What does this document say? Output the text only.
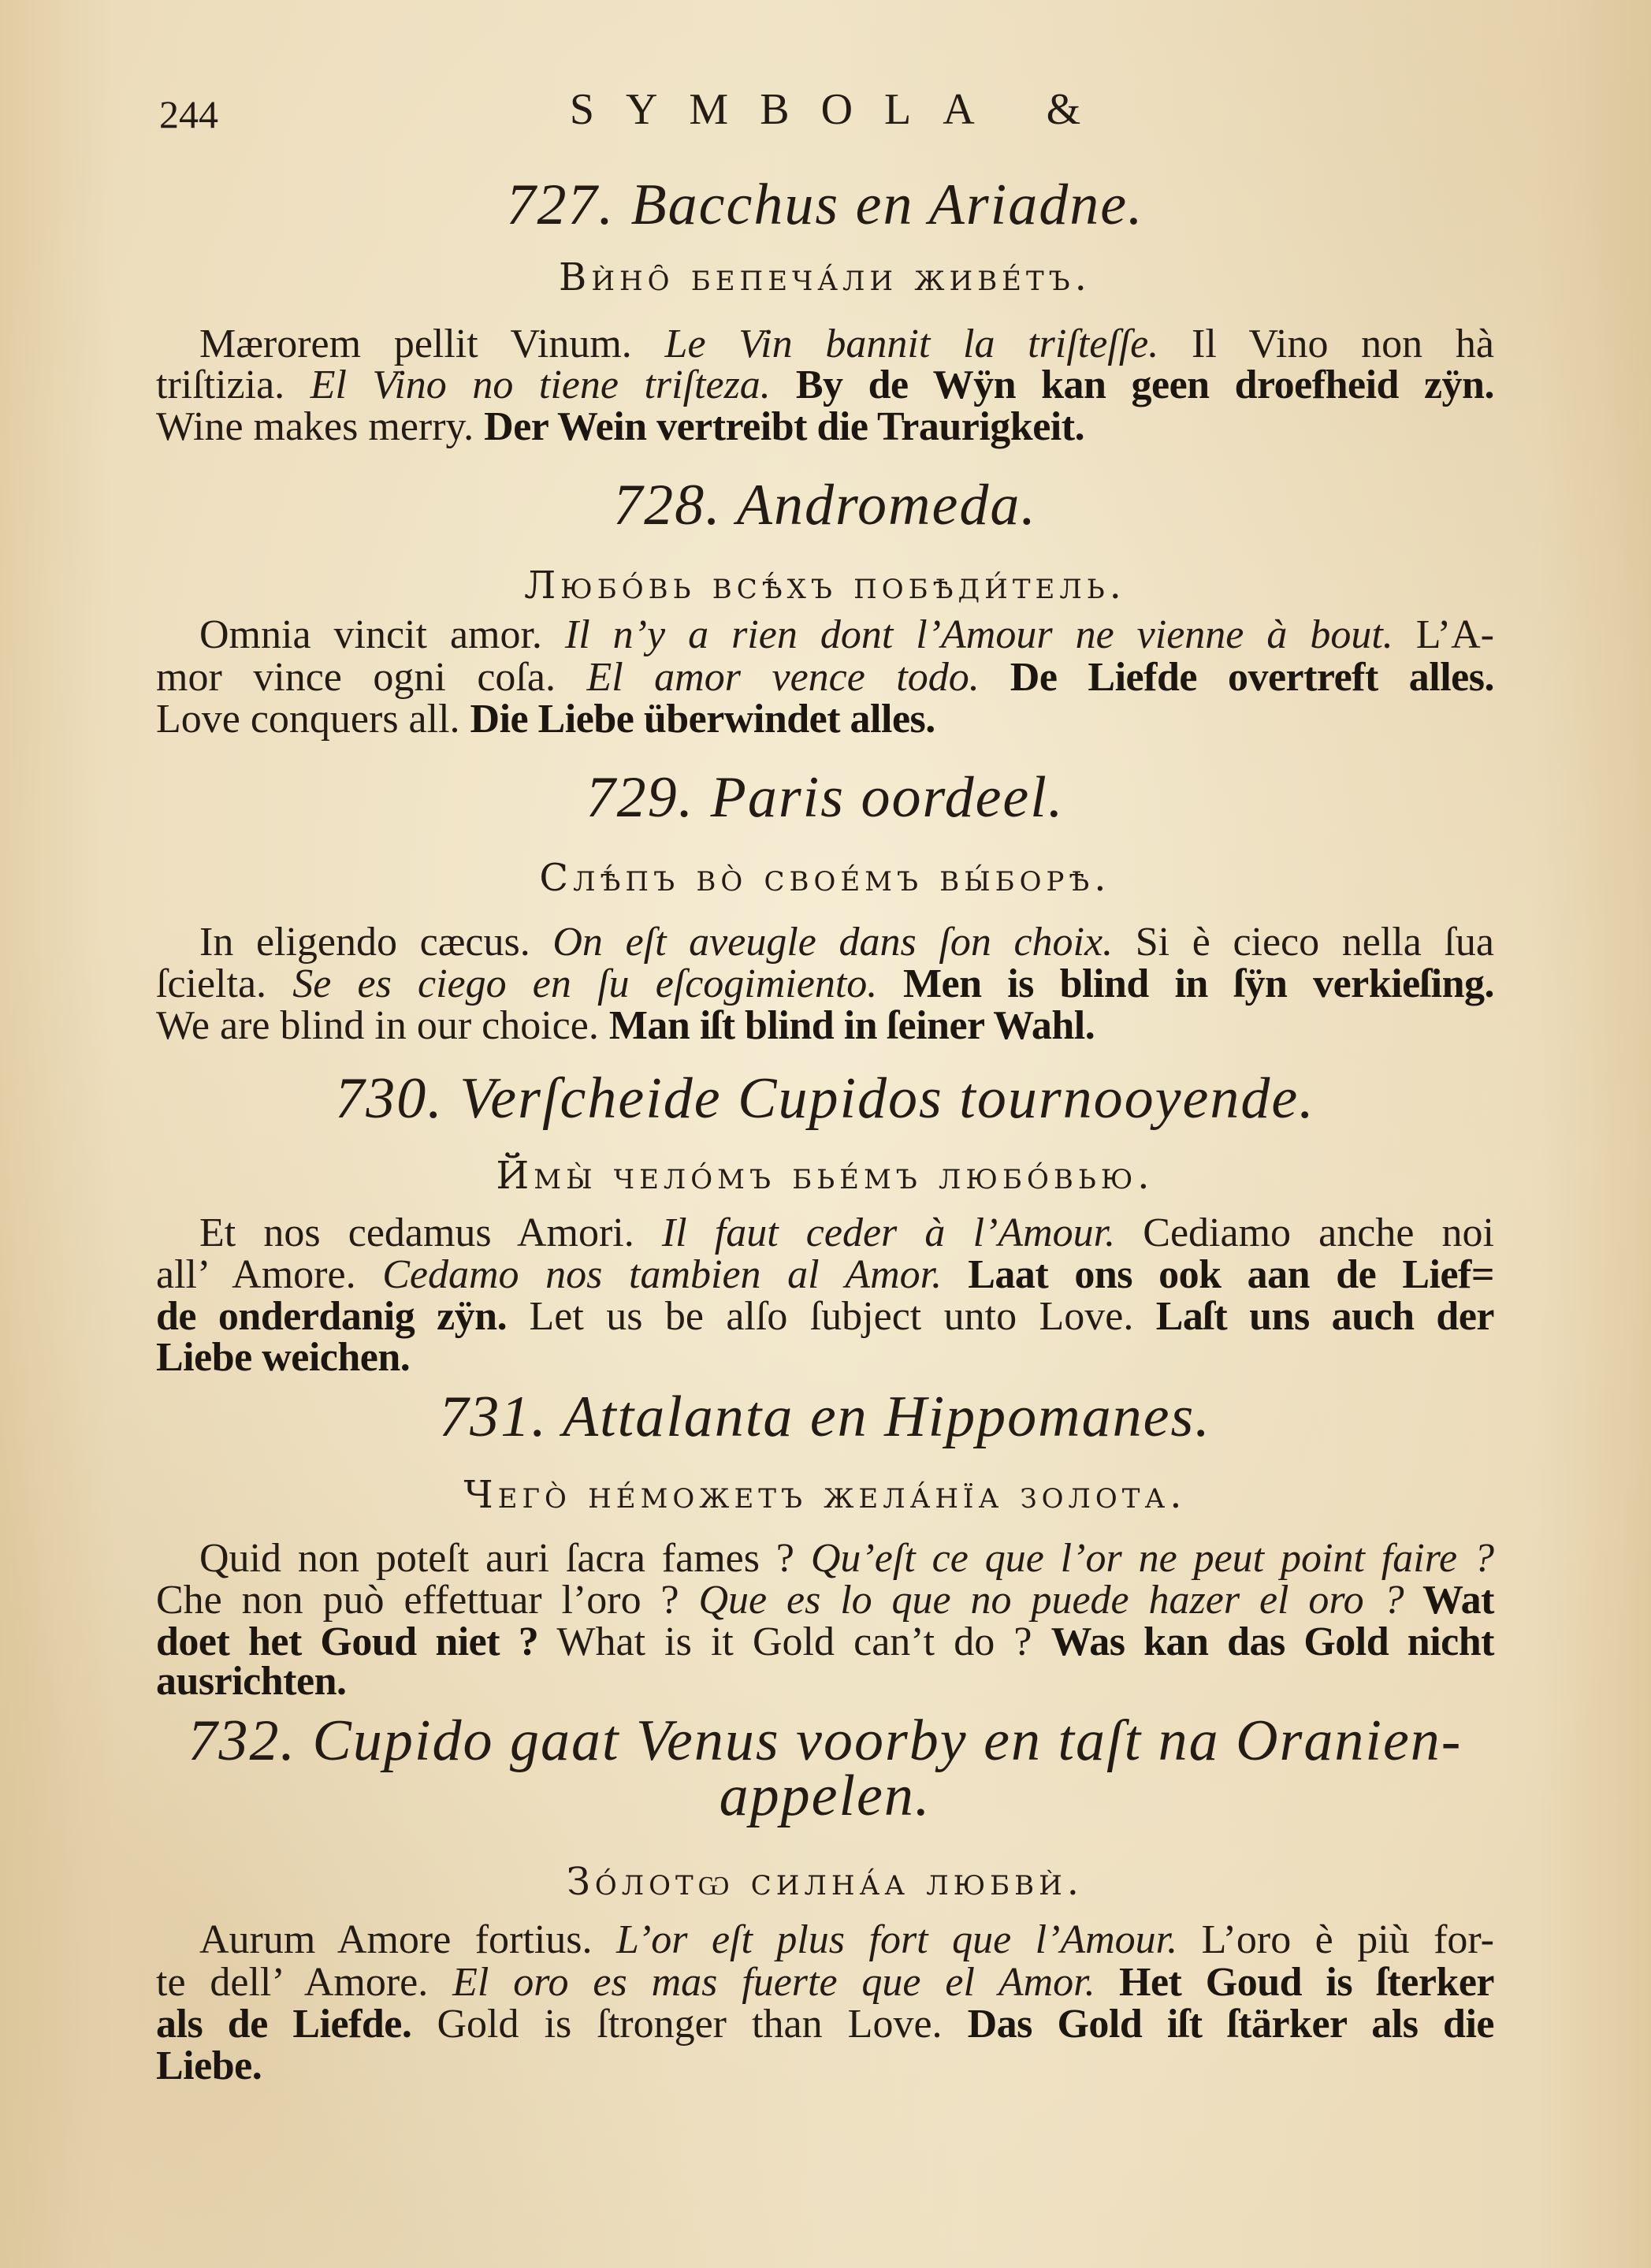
244	SYMBOLA &
727. Bacchus en Ariadne.
Вѝно̑ бепеча́ли живе́тъ.
Mærorem pellit Vinum. Le Vin bannit la triſteſſe. Il Vino non hà
triſtizia. El Vino no tiene triſteza. By de Wÿn kan geen droefheid zÿn.
Wine makes merry. Der Wein vertreibt die Traurigkeit.
728. Andromeda.
Любо́вь всѣ́хъ побѣди́тель.
Omnia vincit amor. Il n’y a rien dont l’Amour ne vienne à bout. L’A-
mor vince ogni coſa. El amor vence todo. De Liefde overtreft alles.
Love conquers all. Die Liebe überwindet alles.
729. Paris oordeel.
Слѣ́пъ во̀ свое́мъ вы́борѣ.
In eligendo cæcus. On eſt aveugle dans ſon choix. Si è cieco nella ſua
ſcielta. Se es ciego en ſu eſcogimiento. Men is blind in ſÿn verkieſing.
We are blind in our choice. Man iſt blind in ſeiner Wahl.
730. Verſcheide Cupidos tournooyende.
Ймы̀ чело́мъ бье́мъ любо́вью.
Et nos cedamus Amori. Il faut ceder à l’Amour. Cediamo anche noi
all’ Amore. Cedamo nos tambien al Amor. Laat ons ook aan de Lief=
de onderdanig zÿn. Let us be alſo ſubject unto Love. Laſt uns auch der
Liebe weichen.
731. Attalanta en Hippomanes.
Чего̀ не́можетъ жела́нїа золота.
Quid non poteſt auri ſacra fames ? Qu’eſt ce que l’or ne peut point faire ?
Che non può effettuar l’oro ? Que es lo que no puede hazer el oro ? Wat
doet het Goud niet ? What is it Gold can’t do ? Was kan das Gold nicht
ausrichten.
732. Cupido gaat Venus voorby en taſt na Oranien-
appelen.
Зо́лотѡ силна́а любвѝ.
Aurum Amore fortius. L’or eſt plus fort que l’Amour. L’oro è più for-
te dell’ Amore. El oro es mas fuerte que el Amor. Het Goud is ſterker
als de Liefde. Gold is ſtronger than Love. Das Gold iſt ſtärker als die
Liebe.
